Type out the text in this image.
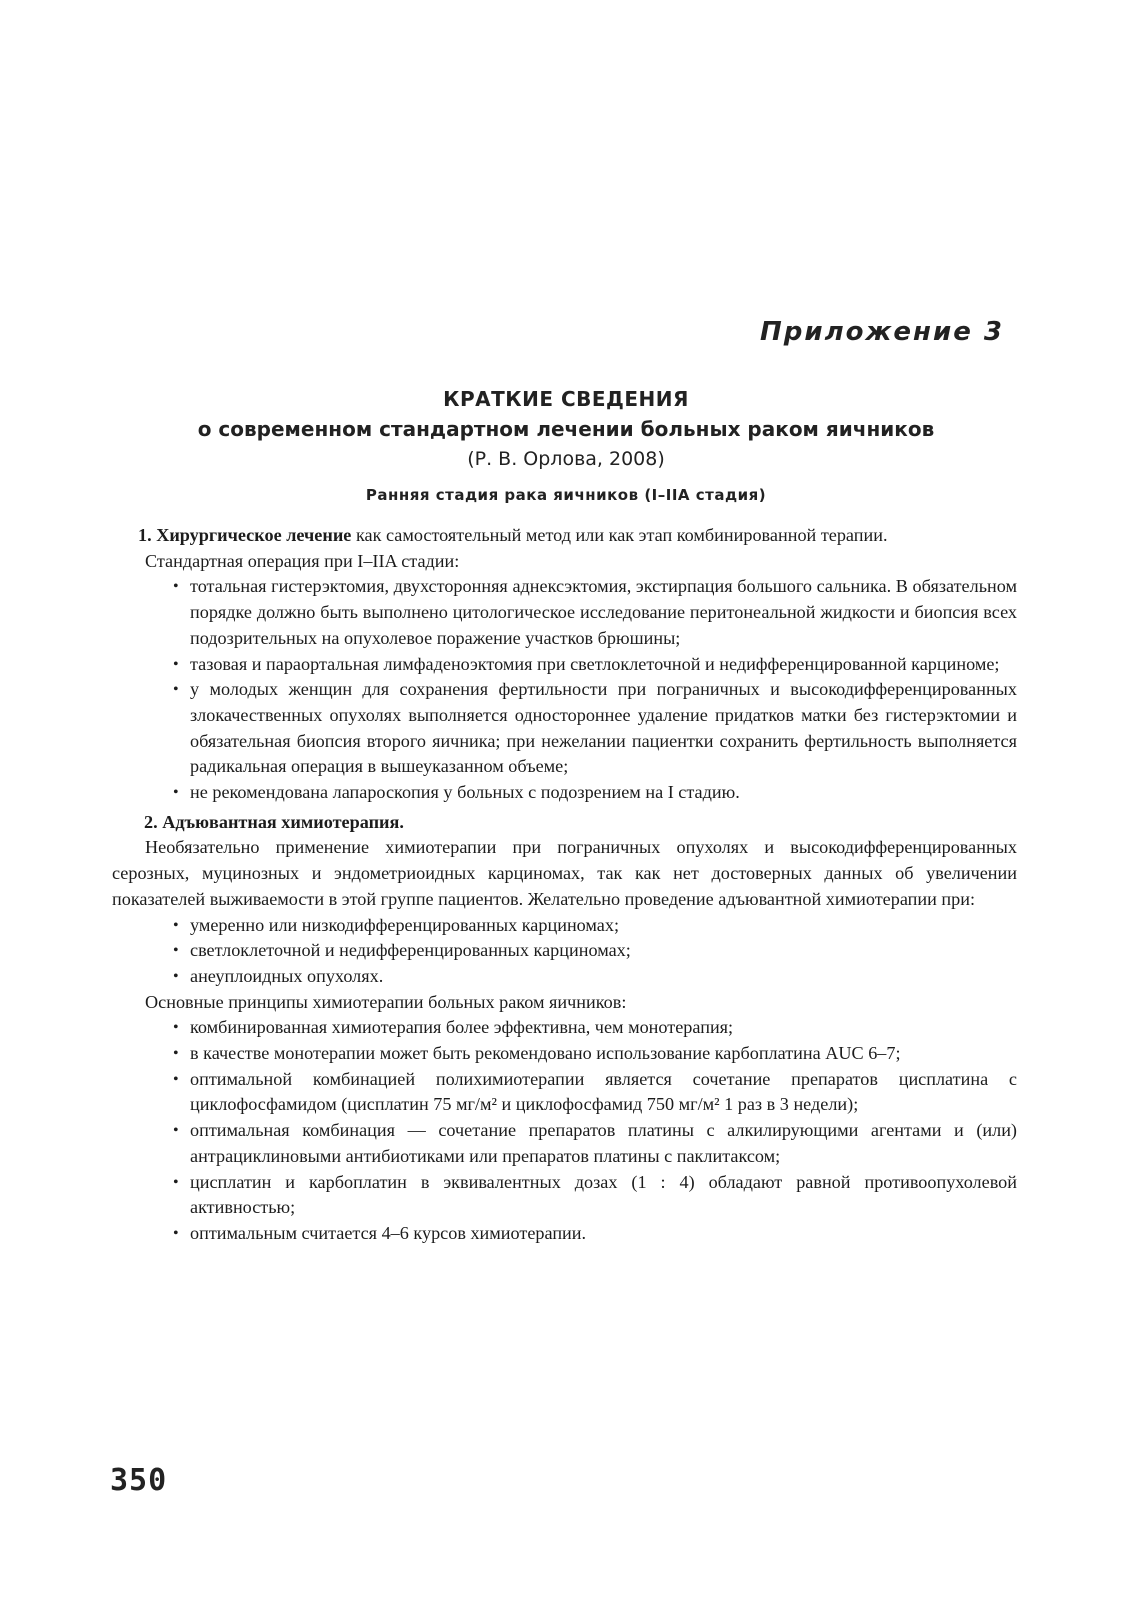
Приложение 3
КРАТКИЕ СВЕДЕНИЯ
о современном стандартном лечении больных раком яичников
(Р. В. Орлова, 2008)
Ранняя стадия рака яичников (I–IIA стадия)

1. Хирургическое лечение как самостоятельный метод или как этап комбинированной терапии.

Стандартная операция при I–IIA стадии:

• тотальная гистерэктомия, двухсторонняя аднексэктомия, экстирпация большого сальника. В обязательном порядке должно быть выполнено цитологическое исследование перитонеальной жидкости и биопсия всех подозрительных на опухолевое поражение участков брюшины;
• тазовая и параортальная лимфаденоэктомия при светлоклеточной и недифференцированной карциноме;
• у молодых женщин для сохранения фертильности при пограничных и высокодифференцированных злокачественных опухолях выполняется одностороннее удаление придатков матки без гистерэктомии и обязательная биопсия второго яичника; при нежелании пациентки сохранить фертильность выполняется радикальная операция в вышеуказанном объеме;
• не рекомендована лапароскопия у больных с подозрением на I стадию.

2. Адъювантная химиотерапия.

Необязательно применение химиотерапии при пограничных опухолях и высокодифференцированных серозных, муцинозных и эндометриоидных карциномах, так как нет достоверных данных об увеличении показателей выживаемости в этой группе пациентов. Желательно проведение адъювантной химиотерапии при:

• умеренно или низкодифференцированных карциномах;
• светлоклеточной и недифференцированных карциномах;
• анеуплоидных опухолях.

Основные принципы химиотерапии больных раком яичников:

• комбинированная химиотерапия более эффективна, чем монотерапия;
• в качестве монотерапии может быть рекомендовано использование карбоплатина AUC 6–7;
• оптимальной комбинацией полихимиотерапии является сочетание препаратов цисплатина с циклофосфамидом (цисплатин 75 мг/м² и циклофосфамид 750 мг/м² 1 раз в 3 недели);
• оптимальная комбинация — сочетание препаратов платины с алкилирующими агентами и (или) антрациклиновыми антибиотиками или препаратов платины с паклитаксом;
• цисплатин и карбоплатин в эквивалентных дозах (1 : 4) обладают равной противоопухолевой активностью;
• оптимальным считается 4–6 курсов химиотерапии.
350
